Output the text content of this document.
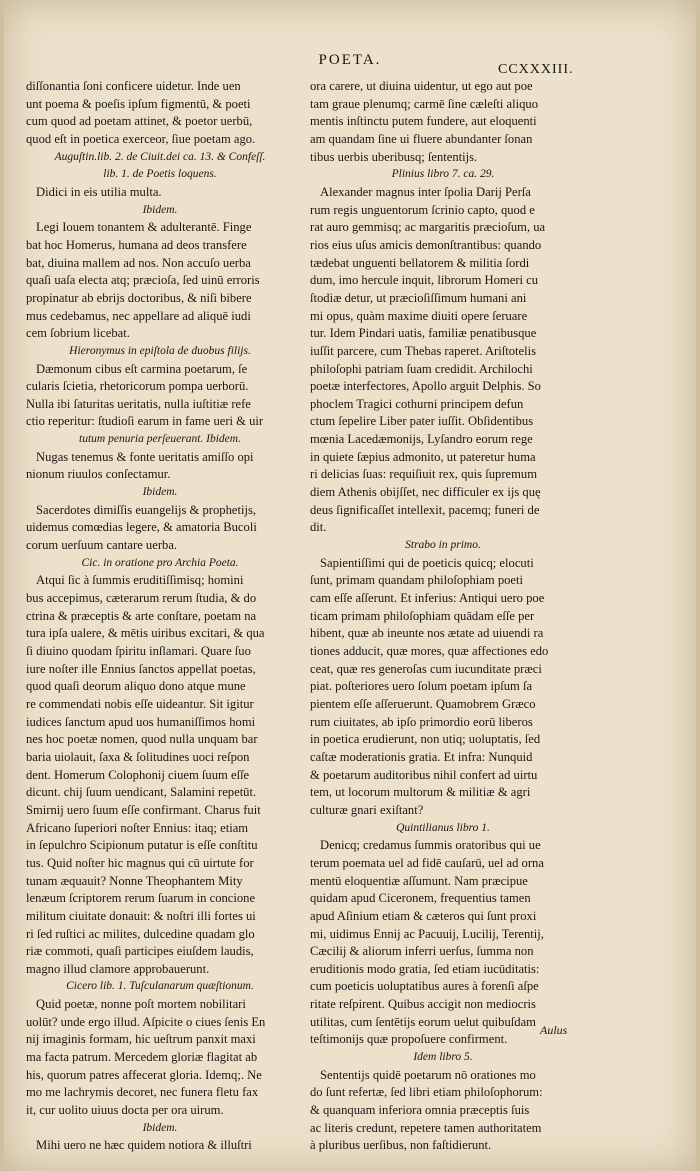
POETA.
CCXXXIII.
diſſonantia ſoni conficere uidetur. Inde uen
unt poema & poeſis ipſum figmentū, & poeti
cum quod ad poetam attinet, & poetor uerbū,
quod eſt in poetica exerceor, ſiue poetam ago.
Auguſtin.lib. 2. de Ciuit.dei ca. 13. & Confeſſ.
lib. 1. de Poetis loquens.
Didici in eis utilia multa.
Ibidem.
Legi Iouem tonantem & adulterantē. Finge
bat hoc Homerus, humana ad deos transfere
bat, diuina mallem ad nos. Non accuſo uerba
quaſi uaſa electa atq; præcioſa, ſed uinū erroris
propinatur ab ebrijs doctoribus, & niſi bibere
mus cedebamus, nec appellare ad aliquē iudi
cem ſobrium licebat.
Hieronymus in epiſtola de duobus filijs.
Dæmonum cibus eſt carmina poetarum, ſe
cularis ſcietia, rhetoricorum pompa uerborū.
Nulla ibi ſaturitas ueritatis, nulla iuſtitiæ refe
ctio reperitur: ſtudioſi earum in fame ueri & uir
tutum penuria perſeuerant. Ibidem.
Nugas tenemus & fonte ueritatis amiſſo opi
nionum riuulos conſectamur.
Ibidem.
Sacerdotes dimiſſis euangelijs & prophetijs,
uidemus comœdias legere, & amatoria Bucoli
corum uerſuum cantare uerba.
Cic. in oratione pro Archia Poeta.
Atqui ſic à ſummis eruditiſſimisq; homini
bus accepimus, cæterarum rerum ſtudia, & do
ctrina & præceptis & arte conſtare, poetam na
tura ipſa ualere, & mētis uiribus excitari, & qua
ſi diuino quodam ſpiritu inſlamari. Quare ſuo
iure noſter ille Ennius ſanctos appellat poetas,
quod quaſi deorum aliquo dono atque mune
re commendati nobis eſſe uideantur. Sit igitur
iudices ſanctum apud uos humaniſſimos homi
nes hoc poetæ nomen, quod nulla unquam bar
baria uiolauit, ſaxa & ſolitudines uoci reſpon
dent. Homerum Colophonij ciuem ſuum eſſe
dicunt. chij ſuum uendicant, Salamini repetūt.
Smirnij uero ſuum eſſe confirmant. Charus fuit
Africano ſuperiori noſter Ennius: itaq; etiam
in ſepulchro Scipionum putatur is eſſe conſtitu
tus. Quid noſter hic magnus qui cū uirtute for
tunam æquauit? Nonne Theophantem Mity
lenæum ſcriptorem rerum ſuarum in concione
militum ciuitate donauit: & noſtri illi fortes ui
ri ſed ruſtici ac milites, dulcedine quadam glo
riæ commoti, quaſi participes eiuſdem laudis,
magno illud clamore approbauerunt.
Cicero lib. 1. Tuſculanarum quæſtionum.
Quid poetæ, nonne poſt mortem nobilitari
uolūt? unde ergo illud. Aſpicite o ciues ſenis En
nij imaginis formam, hic ueſtrum panxit maxi
ma facta patrum. Mercedem gloriæ flagitat ab
his, quorum patres affecerat gloria. Idemq;. Ne
mo me lachrymis decoret, nec funera fletu fax
it, cur uolito uiuus docta per ora uirum.
Ibidem.
Mihi uero ne hæc quidem notiora & illuſtri
ora carere, ut diuina uidentur, ut ego aut poe
tam graue plenumq; carmē ſine cæleſti aliquo
mentis inſtinctu putem fundere, aut eloquenti
am quandam ſine ui fluere abundanter ſonan
tibus uerbis uberibusq; ſententijs.
Plinius libro 7. ca. 29.
Alexander magnus inter ſpolia Darij Perſa
rum regis unguentorum ſcrinio capto, quod e
rat auro gemmisq; ac margaritis præcioſum, ua
rios eius uſus amicis demonſtrantibus: quando
tædebat unguenti bellatorem & militia ſordi
dum, imo hercule inquit, librorum Homeri cu
ſtodiæ detur, ut præcioſiſſimum humani ani
mi opus, quàm maxime diuiti opere ſeruare
tur. Idem Pindari uatis, familiæ penatibusque
iuſſit parcere, cum Thebas raperet. Ariſtotelis
philoſophi patriam ſuam credidit. Archilochi
poetæ interfectores, Apollo arguit Delphis. So
phoclem Tragici cothurni principem defun
ctum ſepelire Liber pater iuſſit. Obſidentibus
mœnia Lacedæmonijs, Lyſandro eorum rege
in quiete ſæpius admonito, ut pateretur huma
ri delicias ſuas: requiſiuit rex, quis ſupremum
diem Athenis obijſſet, nec difficuler ex ijs quę
deus ſignificaſſet intellexit, pacemq; funeri de
dit.
Strabo in primo.
Sapientiſſimi qui de poeticis quicq; elocuti
ſunt, primam quandam philoſophiam poeti
cam eſſe aſſerunt. Et inferius: Antiqui uero poe
ticam primam philoſophiam quādam eſſe per
hibent, quæ ab ineunte nos ætate ad uiuendi ra
tiones adducit, quæ mores, quæ affectiones edo
ceat, quæ res generoſas cum iucunditate præci
piat. poſteriores uero ſolum poetam ipſum ſa
pientem eſſe aſſeruerunt. Quamobrem Græco
rum ciuitates, ab ipſo primordio eorū liberos
in poetica erudierunt, non utiq; uoluptatis, ſed
caſtæ moderationis gratia. Et infra: Nunquid
& poetarum auditoribus nihil confert ad uirtu
tem, ut locorum multorum & militiæ & agri
culturæ gnari exiſtant?
Quintilianus libro 1.
Denicq; credamus ſummis oratoribus qui ue
terum poemata uel ad fidē cauſarū, uel ad orna
mentū eloquentiæ aſſumunt. Nam præcipue
quidam apud Ciceronem, frequentius tamen
apud Aſinium etiam & cæteros qui ſunt proxi
mi, uidimus Ennij ac Pacuuij, Lucilij, Terentij,
Cæcilij & aliorum inferri uerſus, ſumma non
eruditionis modo gratia, ſed etiam iucūditatis:
cum poeticis uoluptatibus aures à forenſi aſpe
ritate reſpirent. Quibus accigit non mediocris
utilitas, cum ſentētijs eorum uelut quibuſdam
teſtimonijs quæ propoſuere confirment.
Idem libro 5.
Sententijs quidē poetarum nō orationes mo
do ſunt refertæ, ſed libri etiam philoſophorum:
& quanquam inferiora omnia præceptis ſuis
ac literis credunt, repetere tamen authoritatem
à pluribus uerſibus, non faſtidierunt.
Aulus
